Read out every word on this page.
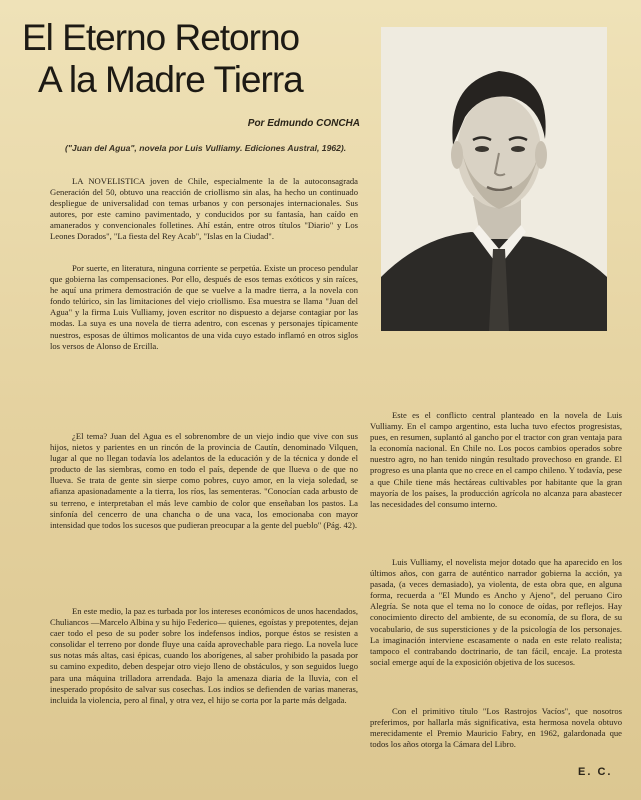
El Eterno Retorno
A la Madre Tierra
Por Edmundo CONCHA
("Juan del Agua", novela por Luis Vulliamy. Ediciones Austral, 1962).

LA NOVELISTICA joven de Chile, especialmente la de la autoconsagrada Generación del 50, obtuvo una reacción de criollismo sin alas, ha hecho un continuado despliegue de universalidad con temas urbanos y con personajes internacionales. Sus autores, por este camino pavimentado, y conducidos por su fantasía, han caído en amanerados y convencionales folletines. Ahí están, entre otros títulos "Diario" y Los Leones Dorados", "La fiesta del Rey Acab", "Islas en la Ciudad".

Por suerte, en literatura, ninguna corriente se perpetúa. Existe un proceso pendular que gobierna las compensaciones. Por ello, después de esos temas exóticos y sin raíces, he aquí una primera demostración de que se vuelve a la madre tierra, a la novela con fondo telúrico, sin las limitaciones del viejo criollismo. Esa muestra se llama "Juan del Agua" y la firma Luis Vulliamy, joven escritor no dispuesto a dejarse contagiar por las modas. La suya es una novela de tierra adentro, con escenas y personajes típicamente nuestros, esposas de últimos molicantos de una vida cuyo estado inflamó en otros siglos los versos de Alonso de Ercilla.

¿El tema? Juan del Agua es el sobrenombre de un viejo indio que vive con sus hijos, nietos y parientes en un rincón de la provincia de Cautín, denominado Vilquen, lugar al que no llegan todavía los adelantos de la educación y de la técnica y donde el producto de las siembras, como en todo el país, depende de que llueva o de que no llueva. Se trata de gente sin sierpe como pobres, cuyo amor, en la vieja soledad, se afianza apasionadamente a la tierra, los ríos, las sementeras. "Conocían cada arbusto de su terreno, e interpretaban el más leve cambio de color que enseñaban los pastos. La sinfonía del cencerro de una chancha o de una vaca, los emocionaba con mayor intensidad que todos los sucesos que pudieran preocupar a la gente del pueblo" (Pág. 42).

En este medio, la paz es turbada por los intereses económicos de unos hacendados, Chuliancos —Marcelo Albina y su hijo Federico— quienes, egoístas y prepotentes, dejan caer todo el peso de su poder sobre los indefensos indios, porque éstos se resisten a consolidar el terreno por donde fluye una caída aprovechable para riego. La novela luce sus notas más altas, casi épicas, cuando los aborígenes, al saber prohibido la pasada por su camino expedito, deben despejar otro viejo lleno de obstáculos, y son seguidos luego para una máquina trilladora arrendada. Bajo la amenaza diaria de la lluvia, con el inesperado propósito de salvar sus cosechas. Los indios se defienden de varias maneras, incluida la violencia, pero al final, y otra vez, el hijo se corta por la parte más delgada.

Este es el conflicto central planteado en la novela de Luis Vulliamy. En el campo argentino, esta lucha tuvo efectos progresistas, pues, en resumen, suplantó al gancho por el tractor con gran ventaja para la economía nacional. En Chile no. Los pocos cambios operados sobre nuestro agro, no han tenido ningún resultado provechoso en grande. El progreso es una planta que no crece en el campo chileno. Y todavía, pese a que Chile tiene más hectáreas cultivables por habitante que la gran mayoría de los países, la producción agrícola no alcanza para abastecer las necesidades del consumo interno.

Luis Vulliamy, el novelista mejor dotado que ha aparecido en los últimos años, con garra de auténtico narrador gobierna la acción, ya pasada, (a veces demasiado), ya violenta, de esta obra que, en alguna forma, recuerda a "El Mundo es Ancho y Ajeno", del peruano Ciro Alegría. Se nota que el tema no lo conoce de oídas, por reflejos. Hay conocimiento directo del ambiente, de su economía, de su flora, de su vocabulario, de sus supersticiones y de la psicología de los personajes. La imaginación interviene escasamente o nada en este relato realista; tampoco el contrabando doctrinario, de tan fácil, encaje. La protesta social emerge aquí de la exposición objetiva de los sucesos.

Con el primitivo título "Los Rastrojos Vacíos", que nosotros preferimos, por hallarla más significativa, esta hermosa novela obtuvo merecidamente el Premio Mauricio Fabry, en 1962, galardonada que todos los años otorga la Cámara del Libro.

E. C.
